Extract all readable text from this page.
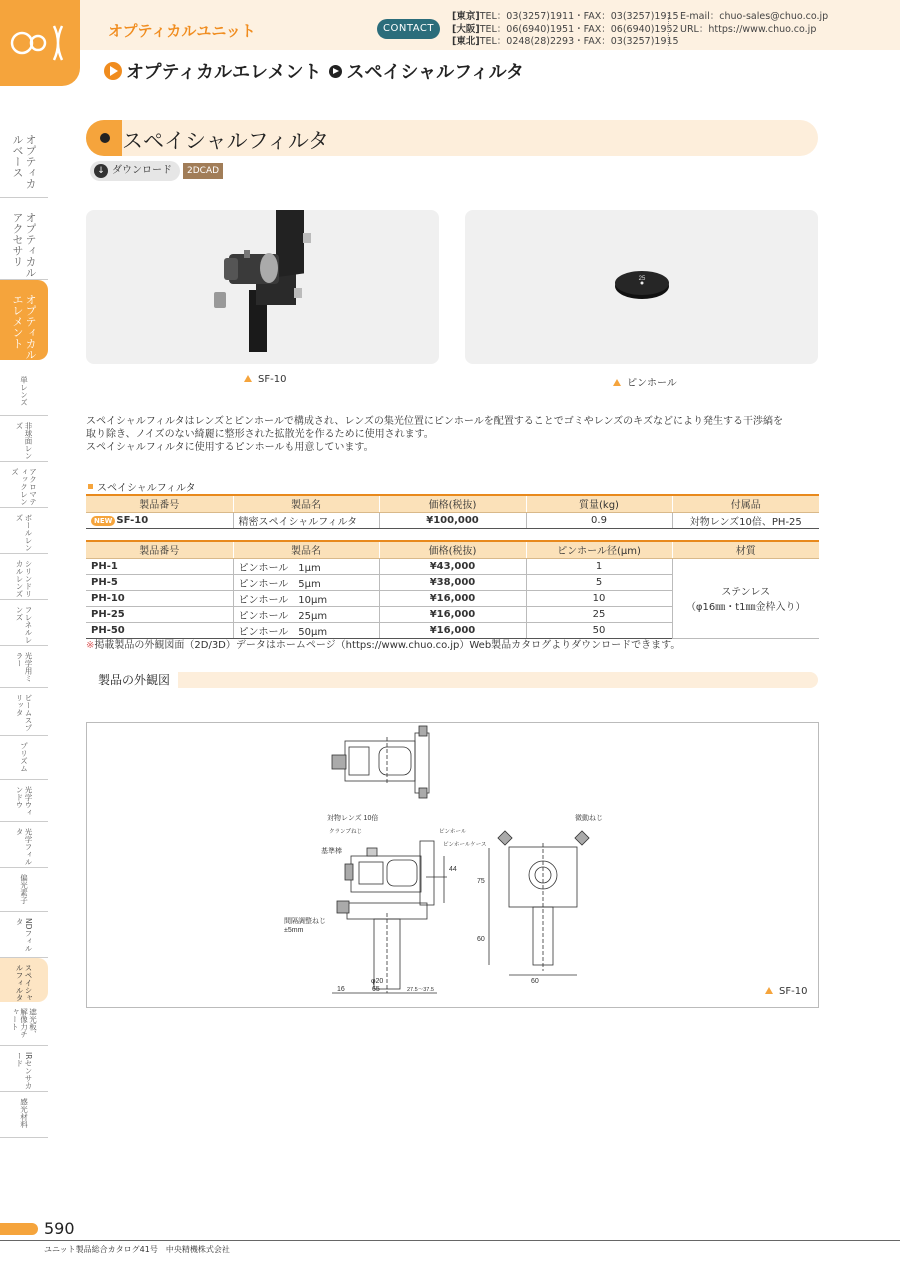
オプティカルユニット	CONTACT
[東京]TEL：03(3257)1911・FAX：03(3257)1915
[大阪]TEL：06(6940)1951・FAX：06(6940)1952
[東北]TEL：0248(28)2293・FAX：03(3257)1915
E-mail：chuo-sales@chuo.co.jp
URL：https://www.chuo.co.jp
オプティカルエレメント スペイシャルフィルタ
オプティカルベース
オプティカルアクセサリ
オプティカルエレメント
単レンズ
非球面レンズ
アクロマティックレンズ
ボールレンズ
シリンドリカルレンズ
フレネルレンズ
光学用ミラー
ビームスプリッタ
プリズム
光学ウィンドウ
光学フィルタ
偏光素子
NDフィルタ
スペイシャルフィルタ
遮光板、解像力チャート
IRセンサカード
感光材料
スペイシャルフィルタ
↓ ダウンロード	2DCAD
SF-10
25
ピンホール
スペイシャルフィルタはレンズとピンホールで構成され、レンズの集光位置にピンホールを配置することでゴミやレンズのキズなどにより発生する干渉縞を
取り除き、ノイズのない綺麗に整形された拡散光を作るために使用されます。
スペイシャルフィルタに使用するピンホールも用意しています。
スペイシャルフィルタ
製品番号	製品名	価格(税抜)	質量(kg)	付属品
NEW SF-10	精密スペイシャルフィルタ	¥100,000	0.9	対物レンズ10倍、PH-25
製品番号	製品名	価格(税抜)	ピンホール径(μm)	材質
PH-1	ピンホール　1μm	¥43,000	1	ステンレス
（φ16㎜・t1㎜金枠入り）

PH-5	ピンホール　5μm	¥38,000	5	
PH-10	ピンホール　10μm	¥16,000	10	
PH-25	ピンホール　25μm	¥16,000	25	
PH-50	ピンホール　50μm	¥16,000	50	
※掲載製品の外観図面（2D/3D）データはホームページ（https://www.chuo.co.jp）Web製品カタログよりダウンロードできます。
製品の外観図
対物レンズ 10倍
クランプねじ	ピンホール
ピンホールケース
微動ねじ
基準棒
間隔調整ねじ
±5mm
75
44
60
16
φ20
65	27.5～37.5
60
SF-10
590
ユニット製品総合カタログ41号　中央精機株式会社
